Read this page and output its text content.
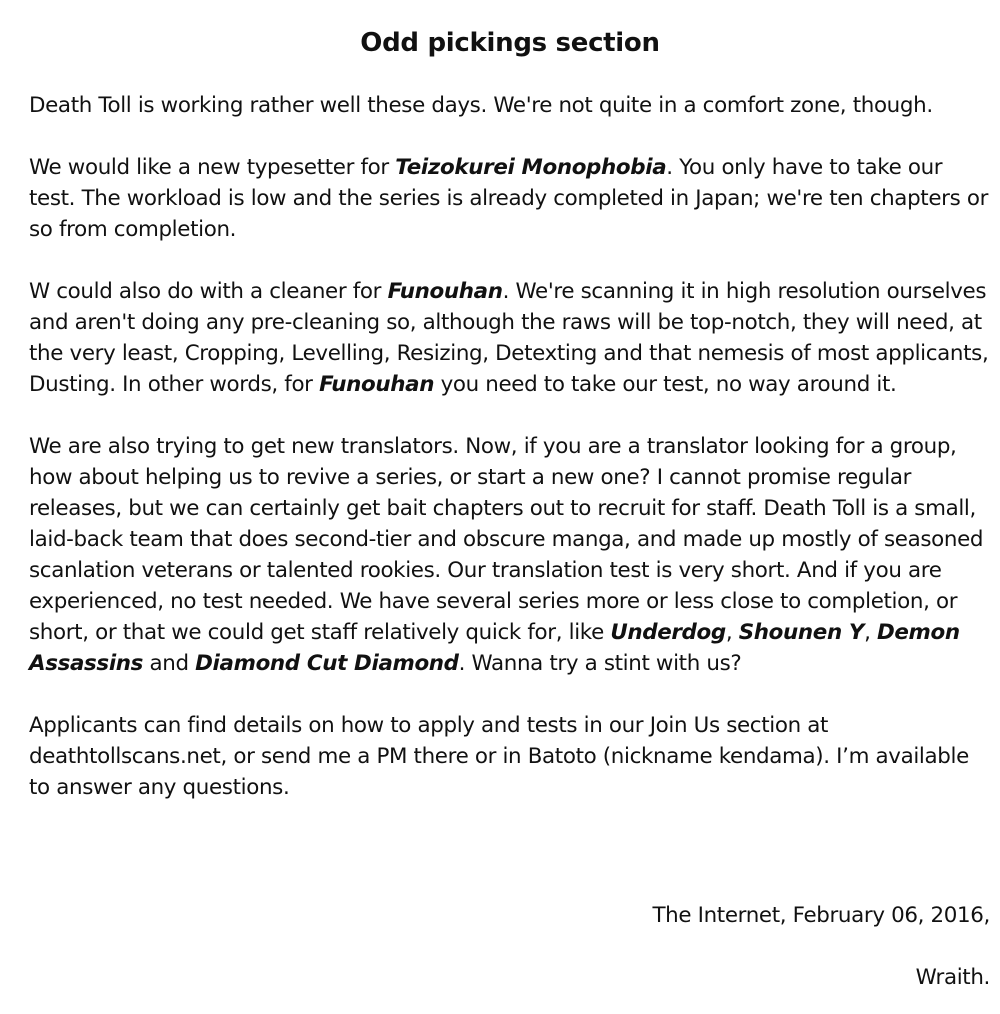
Odd pickings section

Death Toll is working rather well these days. We're not quite in a comfort zone, though.

We would like a new typesetter for Teizokurei Monophobia. You only have to take our test. The workload is low and the series is already completed in Japan; we're ten chapters or so from completion.

W could also do with a cleaner for Funouhan. We're scanning it in high resolution ourselves and aren't doing any pre-cleaning so, although the raws will be top-notch, they will need, at the very least, Cropping, Levelling, Resizing, Detexting and that nemesis of most applicants, Dusting. In other words, for Funouhan you need to take our test, no way around it.

We are also trying to get new translators. Now, if you are a translator looking for a group, how about helping us to revive a series, or start a new one? I cannot promise regular releases, but we can certainly get bait chapters out to recruit for staff. Death Toll is a small, laid-back team that does second-tier and obscure manga, and made up mostly of seasoned scanlation veterans or talented rookies. Our translation test is very short. And if you are experienced, no test needed. We have several series more or less close to completion, or short, or that we could get staff relatively quick for, like Underdog, Shounen Y, Demon Assassins and Diamond Cut Diamond. Wanna try a stint with us?

Applicants can find details on how to apply and tests in our Join Us section at deathtollscans.net, or send me a PM there or in Batoto (nickname kendama). I’m available to answer any questions.

The Internet, February 06, 2016,
Wraith.
